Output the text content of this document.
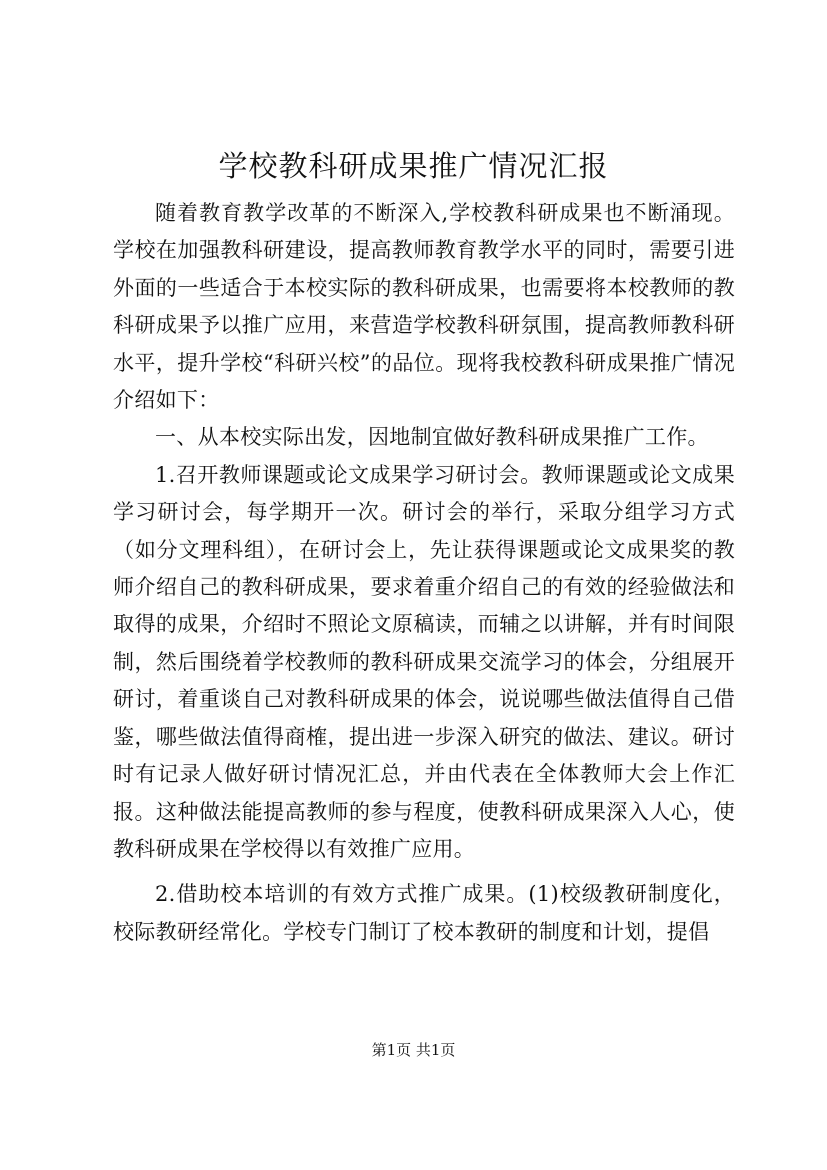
学校教科研成果推广情况汇报

随着教育教学改革的不断深入,学校教科研成果也不断涌现。学校在加强教科研建设，提高教师教育教学水平的同时，需要引进外面的一些适合于本校实际的教科研成果，也需要将本校教师的教科研成果予以推广应用，来营造学校教科研氛围，提高教师教科研水平，提升学校“科研兴校”的品位。现将我校教科研成果推广情况介绍如下：

一、从本校实际出发，因地制宜做好教科研成果推广工作。

1.召开教师课题或论文成果学习研讨会。教师课题或论文成果学习研讨会，每学期开一次。研讨会的举行，采取分组学习方式（如分文理科组），在研讨会上，先让获得课题或论文成果奖的教师介绍自己的教科研成果，要求着重介绍自己的有效的经验做法和取得的成果，介绍时不照论文原稿读，而辅之以讲解，并有时间限制，然后围绕着学校教师的教科研成果交流学习的体会，分组展开研讨，着重谈自己对教科研成果的体会，说说哪些做法值得自己借鉴，哪些做法值得商榷，提出进一步深入研究的做法、建议。研讨时有记录人做好研讨情况汇总，并由代表在全体教师大会上作汇报。这种做法能提高教师的参与程度，使教科研成果深入人心，使教科研成果在学校得以有效推广应用。

2.借助校本培训的有效方式推广成果。(1)校级教研制度化，校际教研经常化。学校专门制订了校本教研的制度和计划，提倡

第1页 共1页
